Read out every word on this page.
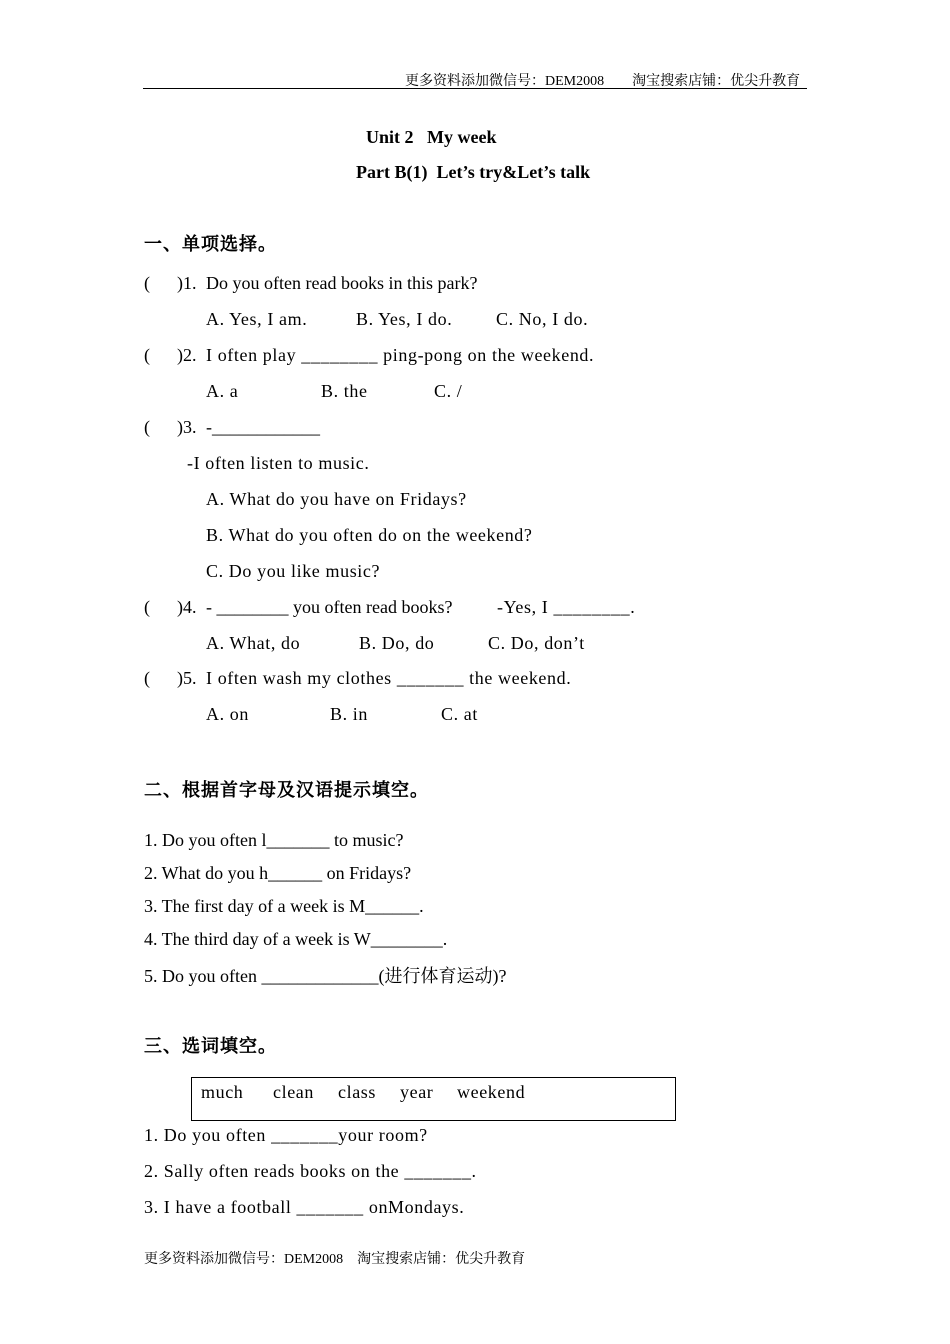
更多资料添加微信号：DEM2008　　淘宝搜索店铺：优尖升教育
Unit 2   My week
Part B(1)  Let’s try&Let’s talk
一、单项选择。
(      )1. Do you often read books in this park?
A. Yes, I am.	B. Yes, I do. C. No, I do.
(      )2. I often play ________ ping-pong on the weekend.
A. a	B. the	C. /
(      )3. -____________
-I often listen to music.
A. What do you have on Fridays?
B. What do you often do on the weekend?
C. Do you like music?
(      )4. - ________ you often read books? -Yes, I ________.
A. What, do	B. Do, do	C. Do, don’t
(      )5. I often wash my clothes _______ the weekend.
A. on	B. in	C. at
二、根据首字母及汉语提示填空。
1. Do you often l_______ to music?
2. What do you h______ on Fridays?
3. The first day of a week is M______.
4. The third day of a week is W________.
5. Do you often _____________(进行体育运动)?
三、选词填空。
much clean class year weekend
1. Do you often _______your room?
2. Sally often reads books on the _______.
3. I have a football _______ onMondays.
更多资料添加微信号：DEM2008　淘宝搜索店铺：优尖升教育
